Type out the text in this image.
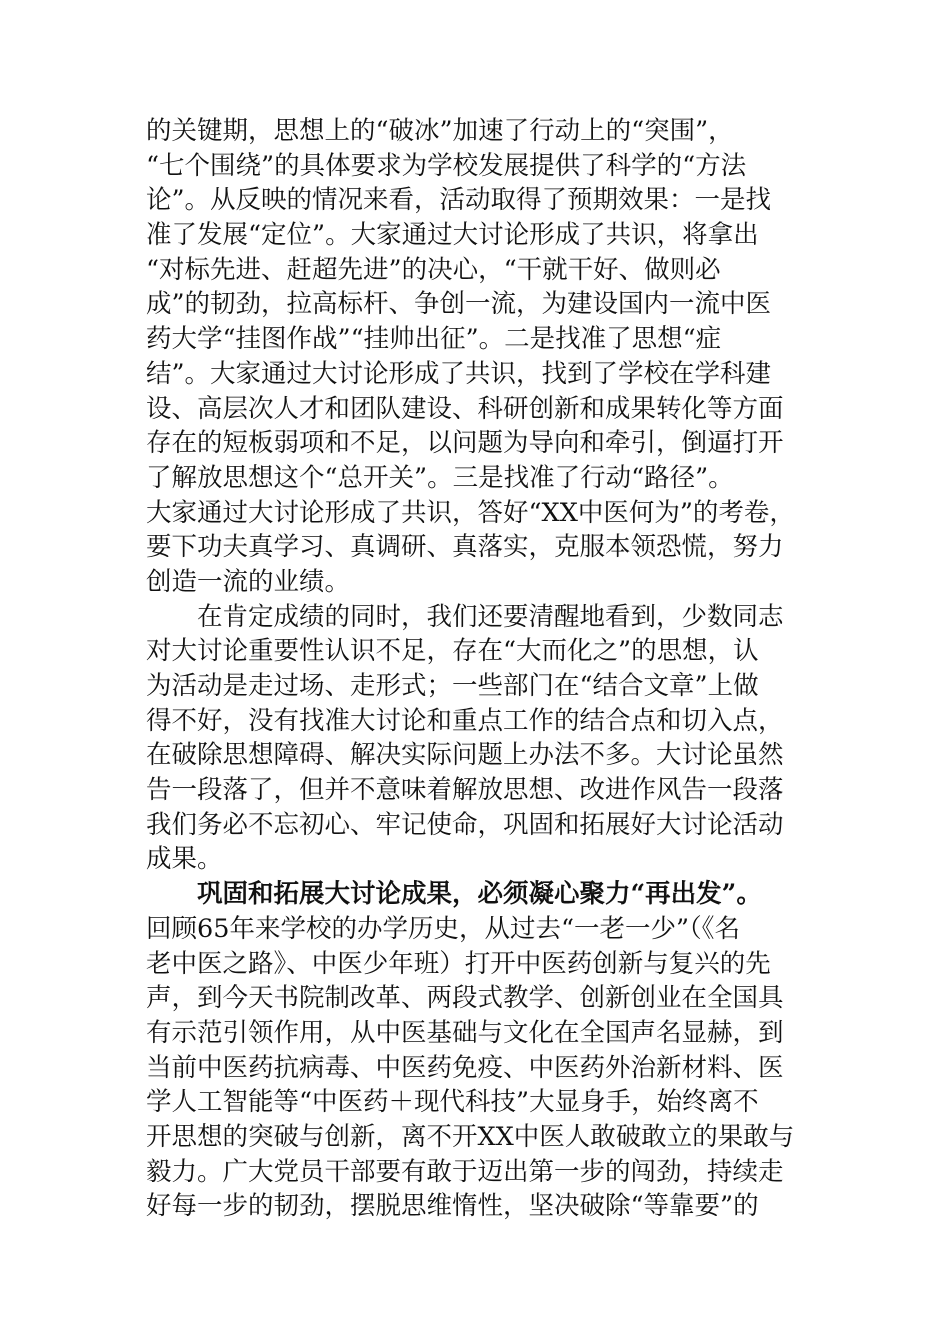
的关键期，思想上的“破冰”加速了行动上的“突围”，
“七个围绕”的具体要求为学校发展提供了科学的“方法
论”。从反映的情况来看，活动取得了预期效果：一是找
准了发展“定位”。大家通过大讨论形成了共识，将拿出
“对标先进、赶超先进”的决心，“干就干好、做则必
成”的韧劲，拉高标杆、争创一流，为建设国内一流中医
药大学“挂图作战”“挂帅出征”。二是找准了思想“症
结”。大家通过大讨论形成了共识，找到了学校在学科建
设、高层次人才和团队建设、科研创新和成果转化等方面
存在的短板弱项和不足，以问题为导向和牵引，倒逼打开
了解放思想这个“总开关”。三是找准了行动“路径”。
大家通过大讨论形成了共识，答好“XX中医何为”的考卷，
要下功夫真学习、真调研、真落实，克服本领恐慌，努力
创造一流的业绩。
在肯定成绩的同时，我们还要清醒地看到，少数同志
对大讨论重要性认识不足，存在“大而化之”的思想，认
为活动是走过场、走形式；一些部门在“结合文章”上做
得不好，没有找准大讨论和重点工作的结合点和切入点，
在破除思想障碍、解决实际问题上办法不多。大讨论虽然
告一段落了，但并不意味着解放思想、改进作风告一段落
我们务必不忘初心、牢记使命，巩固和拓展好大讨论活动
成果。
巩固和拓展大讨论成果，必须凝心聚力“再出发”。
回顾65年来学校的办学历史，从过去“一老一少”（《名
老中医之路》、中医少年班）打开中医药创新与复兴的先
声，到今天书院制改革、两段式教学、创新创业在全国具
有示范引领作用，从中医基础与文化在全国声名显赫，到
当前中医药抗病毒、中医药免疫、中医药外治新材料、医
学人工智能等“中医药＋现代科技”大显身手，始终离不
开思想的突破与创新，离不开XX中医人敢破敢立的果敢与
毅力。广大党员干部要有敢于迈出第一步的闯劲，持续走
好每一步的韧劲，摆脱思维惰性，坚决破除“等靠要”的
